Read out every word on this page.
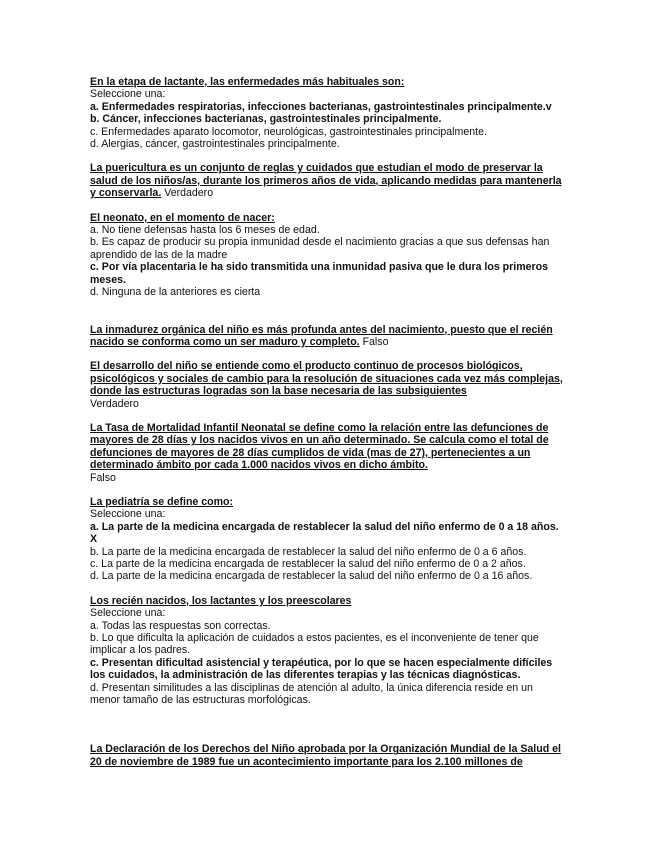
En la etapa de lactante, las enfermedades más habituales son:
Seleccione una:
a. Enfermedades respiratorias, infecciones bacterianas, gastrointestinales principalmente.v
b. Cáncer, infecciones bacterianas, gastrointestinales principalmente.
c. Enfermedades aparato locomotor, neurológicas, gastrointestinales principalmente.
d. Alergias, cáncer, gastrointestinales principalmente.
La puericultura es un conjunto de reglas y cuidados que estudian el modo de preservar la salud de los niños/as, durante los primeros años de vida, aplicando medidas para mantenerla y conservarla. Verdadero
El neonato, en el momento de nacer:
a. No tiene defensas hasta los 6 meses de edad.
b. Es capaz de producir su propia inmunidad desde el nacimiento gracias a que sus defensas han aprendido de las de la madre
c. Por vía placentaria le ha sido transmitida una inmunidad pasiva que le dura los primeros meses.
d. Ninguna de la anteriores es cierta
La inmadurez orgánica del niño es más profunda antes del nacimiento, puesto que el recién nacido se conforma como un ser maduro y completo. Falso
El desarrollo del niño se entiende como el producto continuo de procesos biológicos, psicológicos y sociales de cambio para la resolución de situaciones cada vez más complejas, donde las estructuras logradas son la base necesaria de las subsiguientes
Verdadero
La Tasa de Mortalidad Infantil Neonatal se define como la relación entre las defunciones de mayores de 28 días y los nacidos vivos en un año determinado. Se calcula como el total de defunciones de mayores de 28 días cumplidos de vida (mas de 27), pertenecientes a un determinado ámbito por cada 1.000 nacidos vivos en dicho ámbito.
Falso
La pediatría se define como:
Seleccione una:
a. La parte de la medicina encargada de restablecer la salud del niño enfermo de 0 a 18 años. X
b. La parte de la medicina encargada de restablecer la salud del niño enfermo de 0 a 6 años.
c. La parte de la medicina encargada de restablecer la salud del niño enfermo de 0 a 2 años.
d. La parte de la medicina encargada de restablecer la salud del niño enfermo de 0 a 16 años.
Los recién nacidos, los lactantes y los preescolares
Seleccione una:
a. Todas las respuestas son correctas.
b. Lo que dificulta la aplicación de cuidados a estos pacientes, es el inconveniente de tener que implicar a los padres.
c. Presentan dificultad asistencial y terapéutica, por lo que se hacen especialmente difíciles los cuidados, la administración de las diferentes terapias y las técnicas diagnósticas.
d. Presentan similitudes a las disciplinas de atención al adulto, la única diferencia reside en un menor tamaño de las estructuras morfológicas.
La Declaración de los Derechos del Niño aprobada por la Organización Mundial de la Salud el 20 de noviembre de 1989 fue un acontecimiento importante para los 2.100 millones de
